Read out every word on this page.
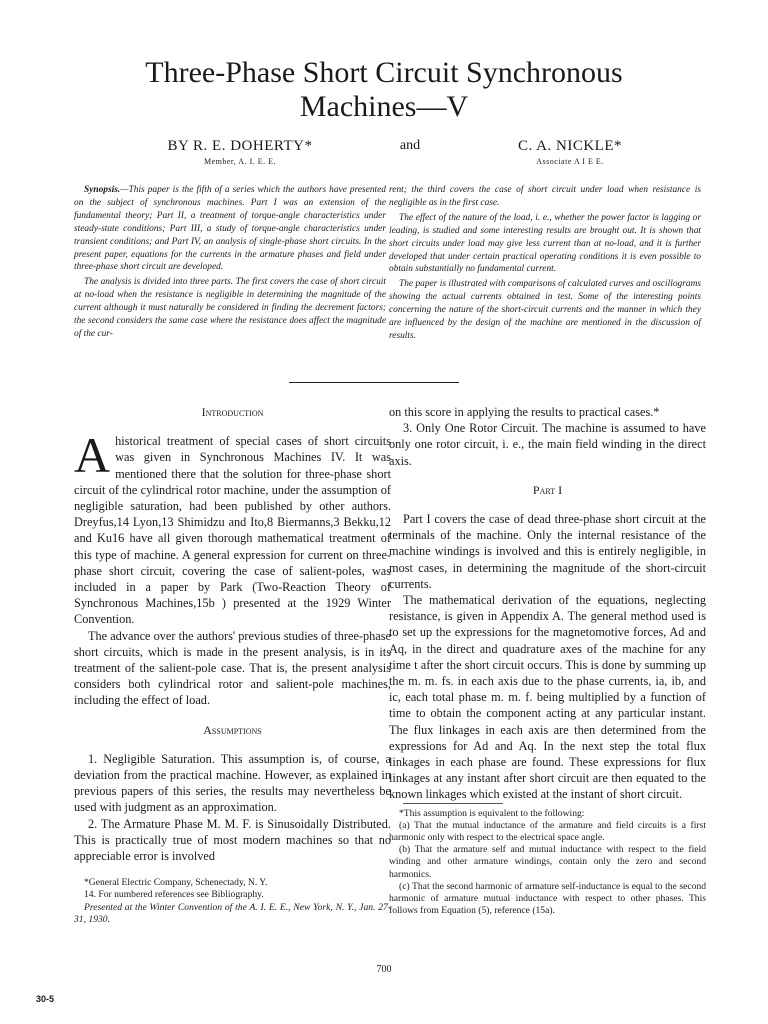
Three-Phase Short Circuit Synchronous
Machines—V
BY R. E. DOHERTY*
Member, A. I. E. E.
and	C. A. NICKLE*
Associate A I E E.

Synopsis.—This paper is the fifth of a series which the authors have presented on the subject of synchronous machines. Part I was an extension of the fundamental theory; Part II, a treatment of torque-angle characteristics under steady-state conditions; Part III, a study of torque-angle characteristics under transient conditions; and Part IV, an analysis of single-phase short circuits. In the present paper, equations for the currents in the armature phases and field under three-phase short circuit are developed.

The analysis is divided into three parts. The first covers the case of short circuit at no-load when the resistance is negligible in determining the magnitude of the current although it must naturally be considered in finding the decrement factors; the second considers the same case where the resistance does affect the magnitude of the cur-

rent; the third covers the case of short circuit under load when resistance is negligible as in the first case.

The effect of the nature of the load, i. e., whether the power factor is lagging or leading, is studied and some interesting results are brought out. It is shown that short circuits under load may give less current than at no-load, and it is further developed that under certain practical operating conditions it is even possible to obtain substantially no fundamental current.

The paper is illustrated with comparisons of calculated curves and oscillograms showing the actual currents obtained in test. Some of the interesting points concerning the nature of the short-circuit currents and the manner in which they are influenced by the design of the machine are mentioned in the discussion of results.

Introduction

Ahistorical treatment of special cases of short circuits was given in Synchronous Machines IV. It was mentioned there that the solution for three-phase short circuit of the cylindrical rotor machine, under the assumption of negligible saturation, had been published by other authors. Dreyfus,14 Lyon,13 Shimidzu and Ito,8 Biermanns,3 Bekku,12 and Ku16 have all given thorough mathematical treatment of this type of machine. A general expression for current on three-phase short circuit, covering the case of salient-poles, was included in a paper by Park (Two-Reaction Theory of Synchronous Machines,15b ) presented at the 1929 Winter Convention.

The advance over the authors' previous studies of three-phase short circuits, which is made in the present analysis, is in its treatment of the salient-pole case. That is, the present analysis considers both cylindrical rotor and salient-pole machines, including the effect of load.

Assumptions

1. Negligible Saturation. This assumption is, of course, a deviation from the practical machine. However, as explained in previous papers of this series, the results may nevertheless be used with judgment as an approximation.

2. The Armature Phase M. M. F. is Sinusoidally Distributed. This is practically true of most modern machines so that no appreciable error is involved

*General Electric Company, Schenectady, N. Y.

14. For numbered references see Bibliography.

Presented at the Winter Convention of the A. I. E. E., New York, N. Y., Jan. 27-31, 1930.

on this score in applying the results to practical cases.*

3. Only One Rotor Circuit. The machine is assumed to have only one rotor circuit, i. e., the main field winding in the direct axis.

Part I

Part I covers the case of dead three-phase short circuit at the terminals of the machine. Only the internal resistance of the machine windings is involved and this is entirely negligible, in most cases, in determining the magnitude of the short-circuit currents.

The mathematical derivation of the equations, neglecting resistance, is given in Appendix A. The general method used is to set up the expressions for the magnetomotive forces, Ad and Aq, in the direct and quadrature axes of the machine for any time t after the short circuit occurs. This is done by summing up the m. m. fs. in each axis due to the phase currents, ia, ib, and ic, each total phase m. m. f. being multiplied by a function of time to obtain the component acting at any particular instant. The flux linkages in each axis are then determined from the expressions for Ad and Aq. In the next step the total flux linkages in each phase are found. These expressions for flux linkages at any instant after short circuit are then equated to the known linkages which existed at the instant of short circuit.

*This assumption is equivalent to the following:

(a) That the mutual inductance of the armature and field circuits is a first harmonic only with respect to the electrical space angle.

(b) That the armature self and mutual inductance with respect to the field winding and other armature windings, contain only the zero and second harmonics.

(c) That the second harmonic of armature self-inductance is equal to the second harmonic of armature mutual inductance with respect to other phases. This follows from Equation (5), reference (15a).

700
30-5
